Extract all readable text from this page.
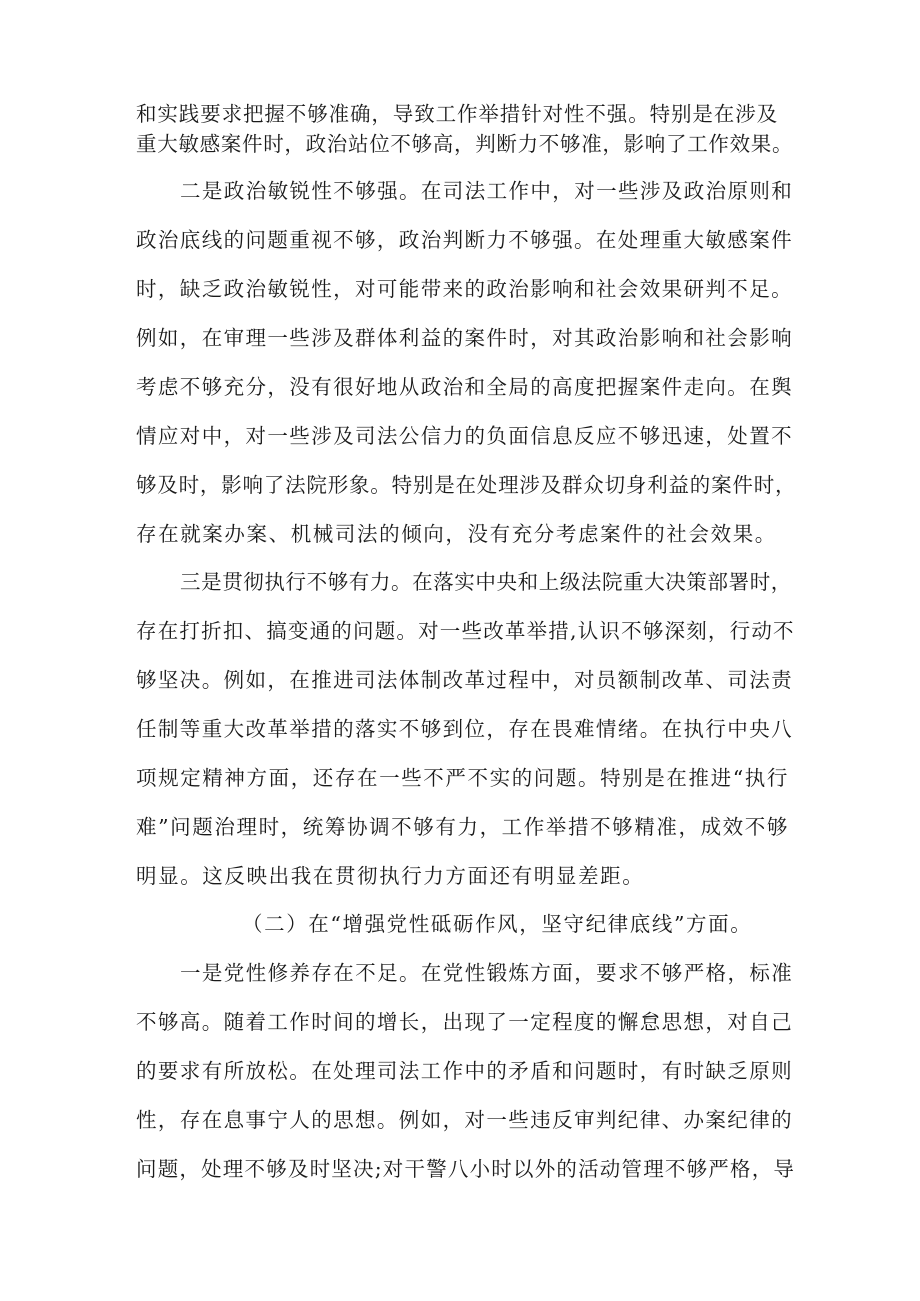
和实践要求把握不够准确，导致工作举措针对性不强。特别是在涉及
重大敏感案件时，政治站位不够高，判断力不够准，影响了工作效果。
二是政治敏锐性不够强。在司法工作中，对一些涉及政治原则和
政治底线的问题重视不够，政治判断力不够强。在处理重大敏感案件
时，缺乏政治敏锐性，对可能带来的政治影响和社会效果研判不足。
例如，在审理一些涉及群体利益的案件时，对其政治影响和社会影响
考虑不够充分，没有很好地从政治和全局的高度把握案件走向。在舆
情应对中，对一些涉及司法公信力的负面信息反应不够迅速，处置不
够及时，影响了法院形象。特别是在处理涉及群众切身利益的案件时，
存在就案办案、机械司法的倾向，没有充分考虑案件的社会效果。
三是贯彻执行不够有力。在落实中央和上级法院重大决策部署时，
存在打折扣、搞变通的问题。对一些改革举措,认识不够深刻，行动不
够坚决。例如，在推进司法体制改革过程中，对员额制改革、司法责
任制等重大改革举措的落实不够到位，存在畏难情绪。在执行中央八
项规定精神方面，还存在一些不严不实的问题。特别是在推进“执行
难”问题治理时，统筹协调不够有力，工作举措不够精准，成效不够
明显。这反映出我在贯彻执行力方面还有明显差距。
（二）在“增强党性砥砺作风，坚守纪律底线”方面。
一是党性修养存在不足。在党性锻炼方面，要求不够严格，标准
不够高。随着工作时间的增长，出现了一定程度的懈怠思想，对自己
的要求有所放松。在处理司法工作中的矛盾和问题时，有时缺乏原则
性，存在息事宁人的思想。例如，对一些违反审判纪律、办案纪律的
问题，处理不够及时坚决;对干警八小时以外的活动管理不够严格，导
